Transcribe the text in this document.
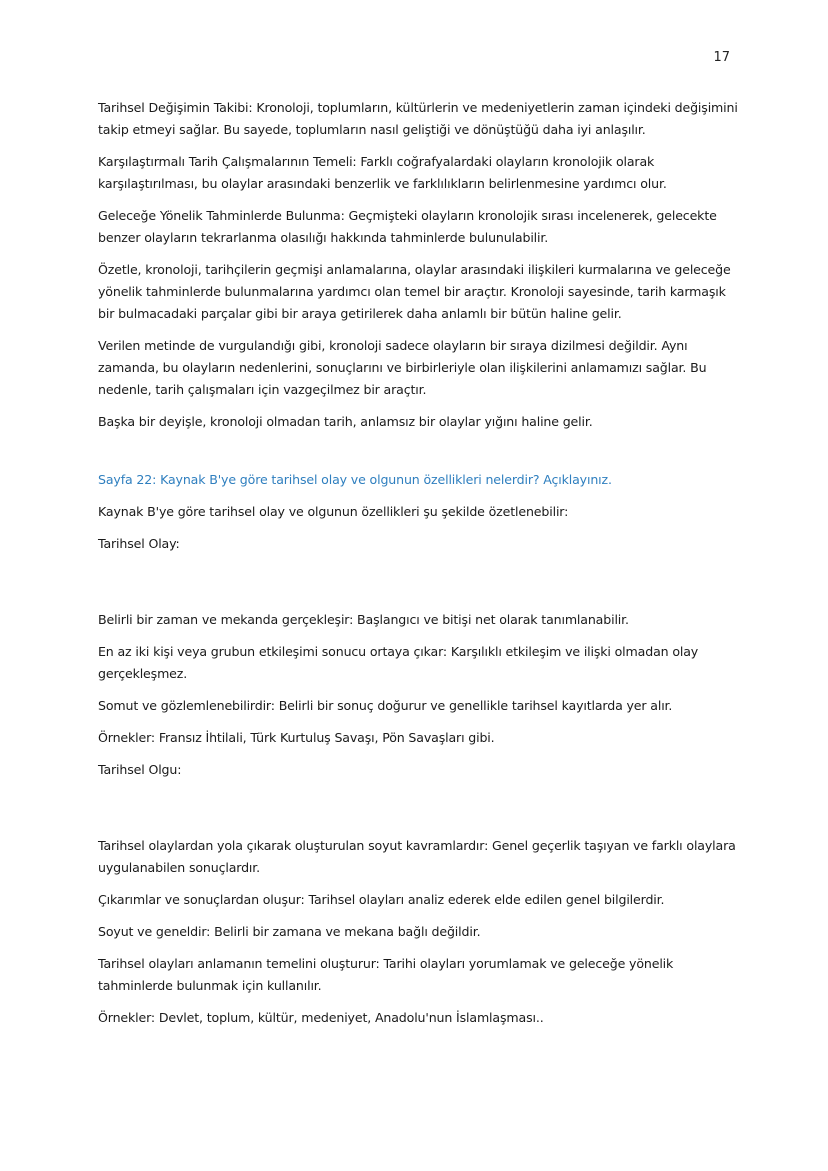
17

Tarihsel Değişimin Takibi: Kronoloji, toplumların, kültürlerin ve medeniyetlerin zaman içindeki değişimini takip etmeyi sağlar. Bu sayede, toplumların nasıl geliştiği ve dönüştüğü daha iyi anlaşılır.

Karşılaştırmalı Tarih Çalışmalarının Temeli: Farklı coğrafyalardaki olayların kronolojik olarak karşılaştırılması, bu olaylar arasındaki benzerlik ve farklılıkların belirlenmesine yardımcı olur.

Geleceğe Yönelik Tahminlerde Bulunma: Geçmişteki olayların kronolojik sırası incelenerek, gelecekte benzer olayların tekrarlanma olasılığı hakkında tahminlerde bulunulabilir.

Özetle, kronoloji, tarihçilerin geçmişi anlamalarına, olaylar arasındaki ilişkileri kurmalarına ve geleceğe yönelik tahminlerde bulunmalarına yardımcı olan temel bir araçtır. Kronoloji sayesinde, tarih karmaşık bir bulmacadaki parçalar gibi bir araya getirilerek daha anlamlı bir bütün haline gelir.

Verilen metinde de vurgulandığı gibi, kronoloji sadece olayların bir sıraya dizilmesi değildir. Aynı zamanda, bu olayların nedenlerini, sonuçlarını ve birbirleriyle olan ilişkilerini anlamamızı sağlar. Bu nedenle, tarih çalışmaları için vazgeçilmez bir araçtır.

Başka bir deyişle, kronoloji olmadan tarih, anlamsız bir olaylar yığını haline gelir.

Sayfa 22: Kaynak B'ye göre tarihsel olay ve olgunun özellikleri nelerdir? Açıklayınız.

Kaynak B'ye göre tarihsel olay ve olgunun özellikleri şu şekilde özetlenebilir:

Tarihsel Olay:

Belirli bir zaman ve mekanda gerçekleşir: Başlangıcı ve bitişi net olarak tanımlanabilir.

En az iki kişi veya grubun etkileşimi sonucu ortaya çıkar: Karşılıklı etkileşim ve ilişki olmadan olay gerçekleşmez.

Somut ve gözlemlenebilirdir: Belirli bir sonuç doğurur ve genellikle tarihsel kayıtlarda yer alır.

Örnekler: Fransız İhtilali, Türk Kurtuluş Savaşı, Pön Savaşları gibi.

Tarihsel Olgu:

Tarihsel olaylardan yola çıkarak oluşturulan soyut kavramlardır: Genel geçerlik taşıyan ve farklı olaylara uygulanabilen sonuçlardır.

Çıkarımlar ve sonuçlardan oluşur: Tarihsel olayları analiz ederek elde edilen genel bilgilerdir.

Soyut ve geneldir: Belirli bir zamana ve mekana bağlı değildir.

Tarihsel olayları anlamanın temelini oluşturur: Tarihi olayları yorumlamak ve geleceğe yönelik tahminlerde bulunmak için kullanılır.

Örnekler: Devlet, toplum, kültür, medeniyet, Anadolu'nun İslamlaşması..
